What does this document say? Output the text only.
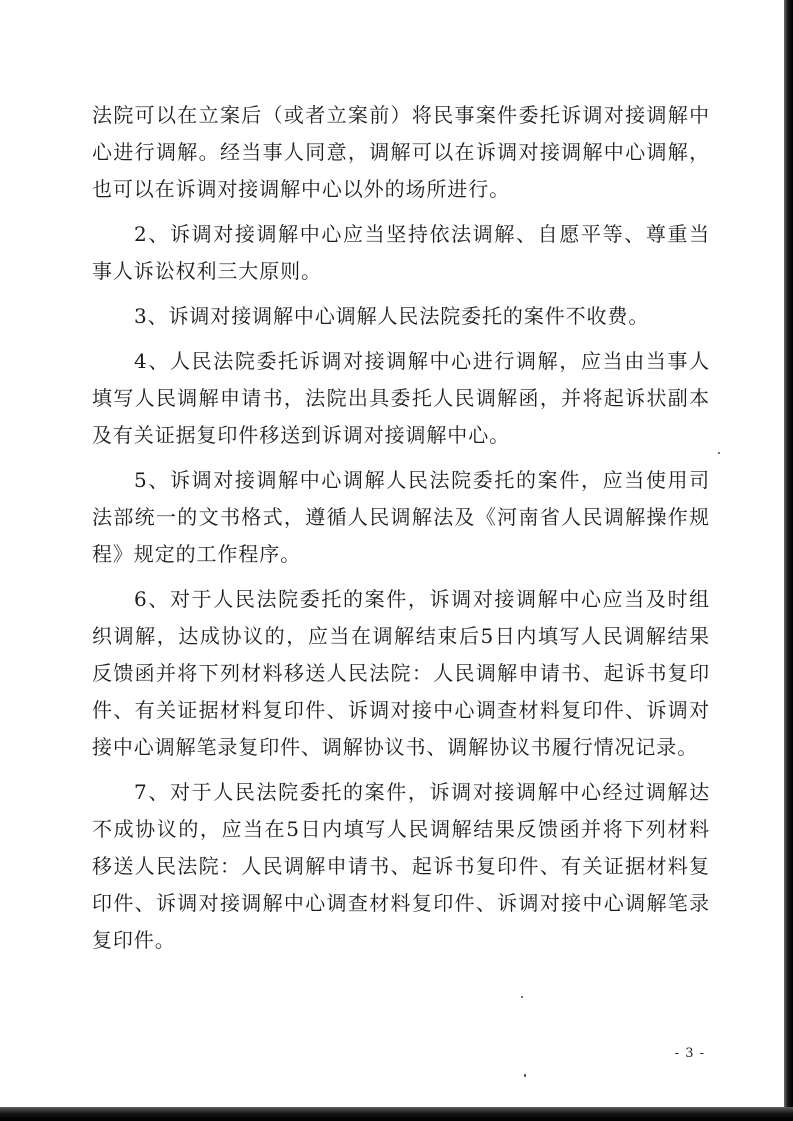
法院可以在立案后（或者立案前）将民事案件委托诉调对接调解中心进行调解。经当事人同意，调解可以在诉调对接调解中心调解，也可以在诉调对接调解中心以外的场所进行。

2、诉调对接调解中心应当坚持依法调解、自愿平等、尊重当事人诉讼权利三大原则。

3、诉调对接调解中心调解人民法院委托的案件不收费。

4、人民法院委托诉调对接调解中心进行调解，应当由当事人填写人民调解申请书，法院出具委托人民调解函，并将起诉状副本及有关证据复印件移送到诉调对接调解中心。

5、诉调对接调解中心调解人民法院委托的案件，应当使用司法部统一的文书格式，遵循人民调解法及《河南省人民调解操作规程》规定的工作程序。

6、对于人民法院委托的案件，诉调对接调解中心应当及时组织调解，达成协议的，应当在调解结束后5日内填写人民调解结果反馈函并将下列材料移送人民法院：人民调解申请书、起诉书复印件、有关证据材料复印件、诉调对接中心调查材料复印件、诉调对接中心调解笔录复印件、调解协议书、调解协议书履行情况记录。

7、对于人民法院委托的案件，诉调对接调解中心经过调解达不成协议的，应当在5日内填写人民调解结果反馈函并将下列材料移送人民法院：人民调解申请书、起诉书复印件、有关证据材料复印件、诉调对接调解中心调查材料复印件、诉调对接中心调解笔录复印件。

- 3 -
